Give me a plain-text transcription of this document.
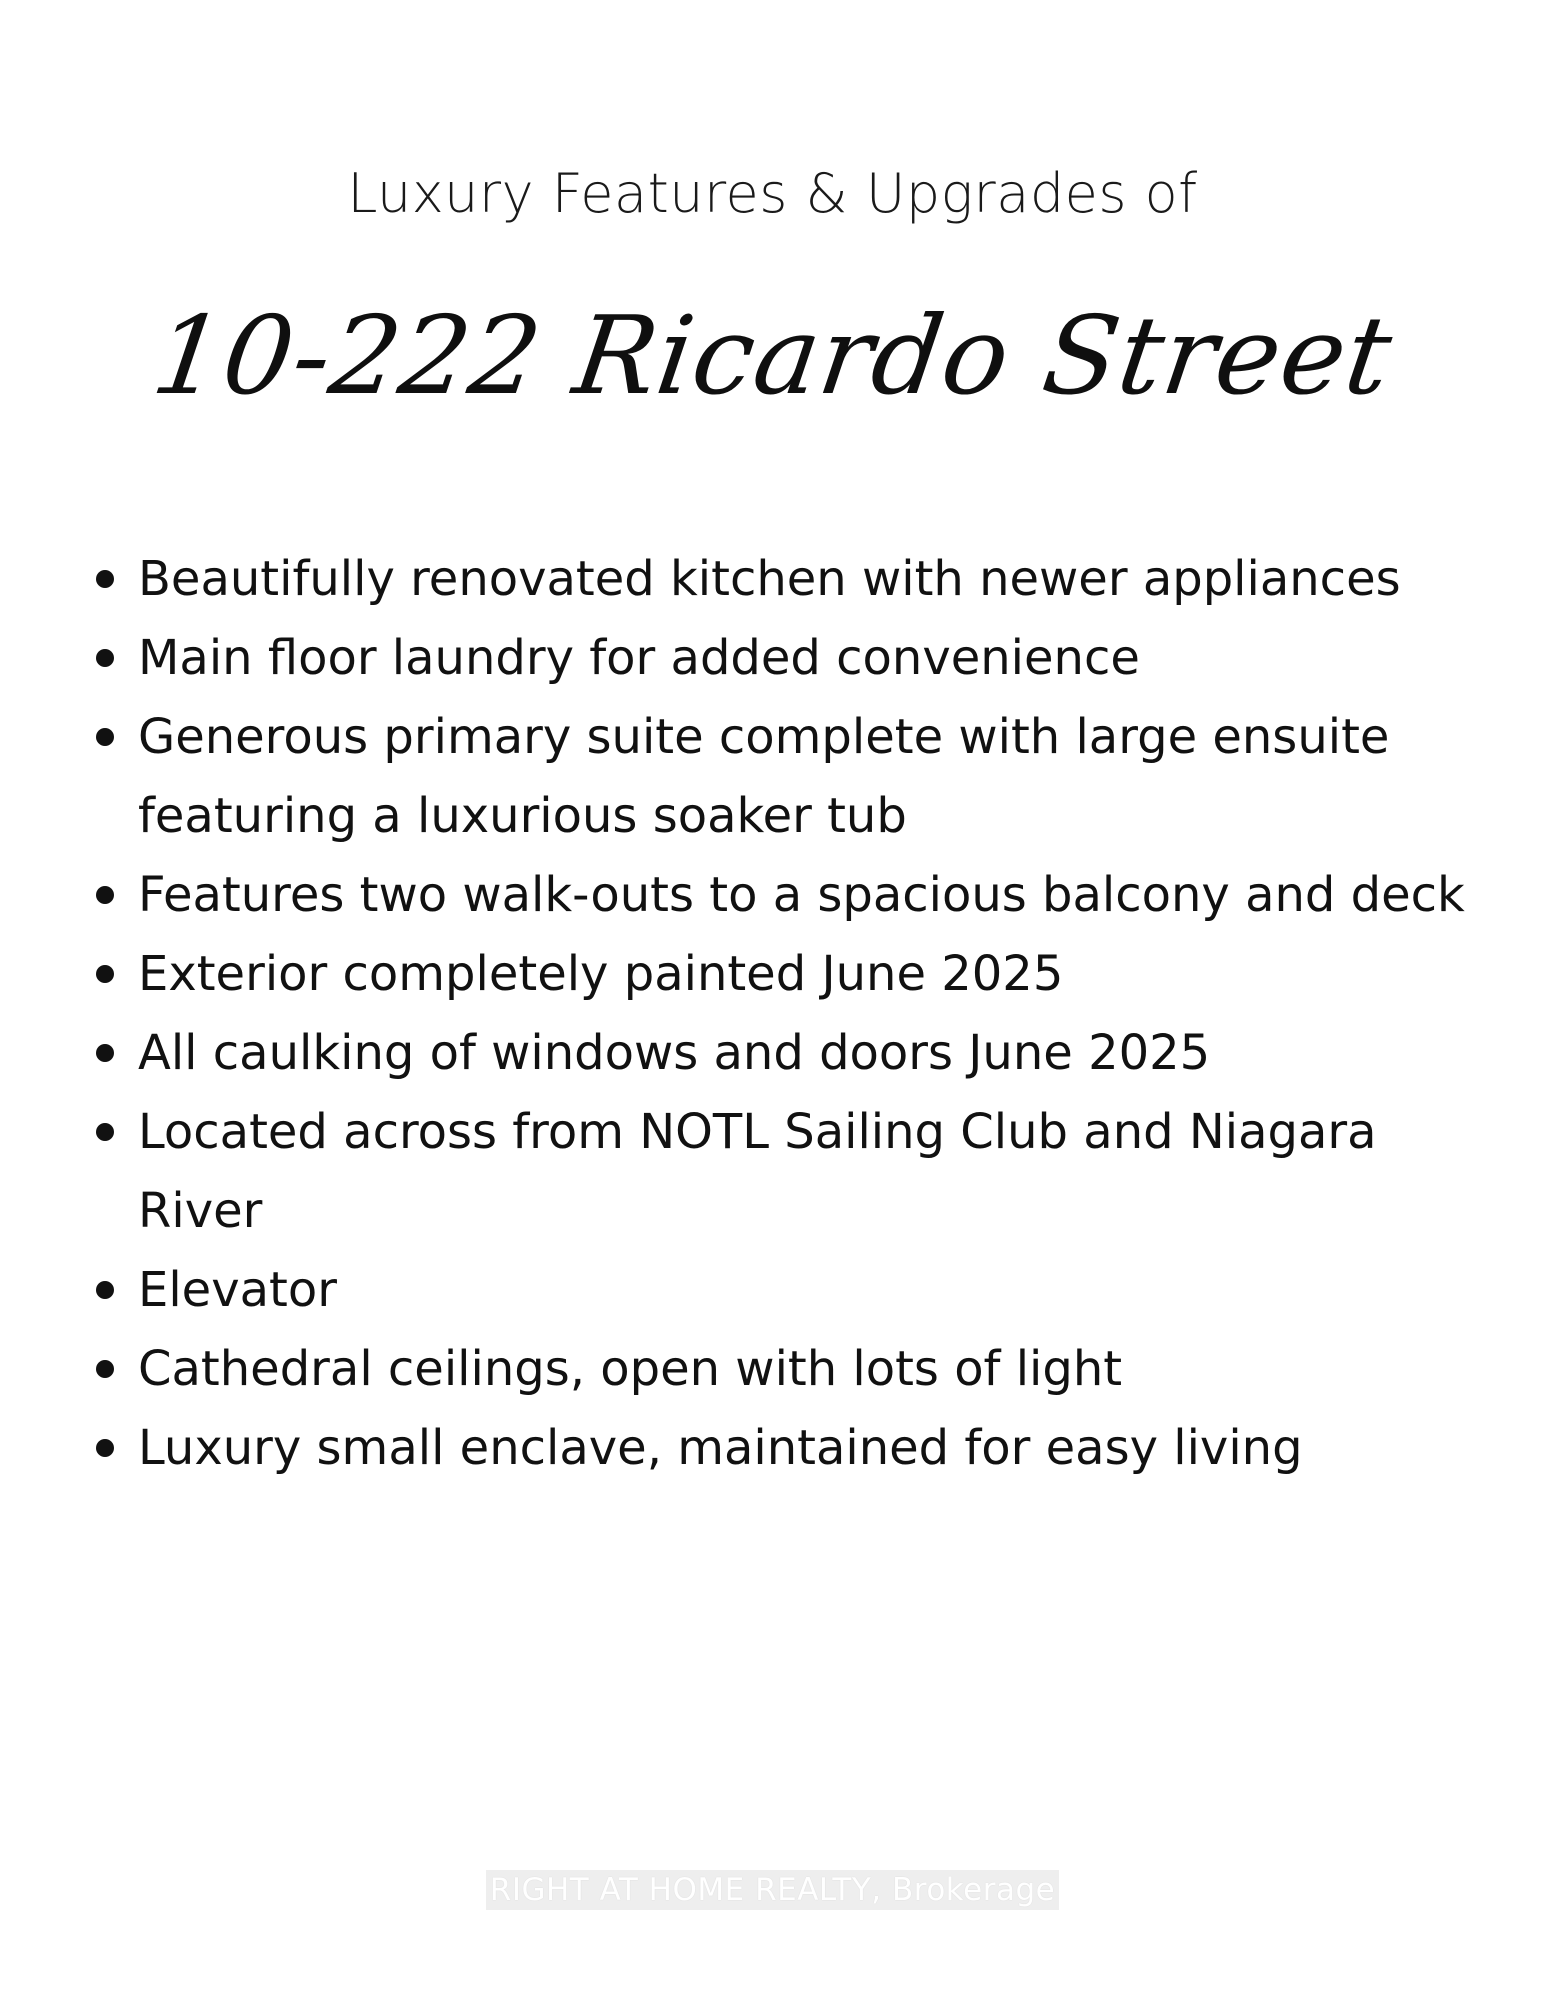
Luxury Features & Upgrades of
10-222 Ricardo Street
Beautifully renovated kitchen with newer appliances
Main floor laundry for added convenience
Generous primary suite complete with large ensuite featuring a luxurious soaker tub
Features two walk-outs to a spacious balcony and deck
Exterior completely painted June 2025
All caulking of windows and doors June 2025
Located across from NOTL Sailing Club and Niagara River
Elevator
Cathedral ceilings, open with lots of light
Luxury small enclave, maintained for easy living
RIGHT AT HOME REALTY, Brokerage
